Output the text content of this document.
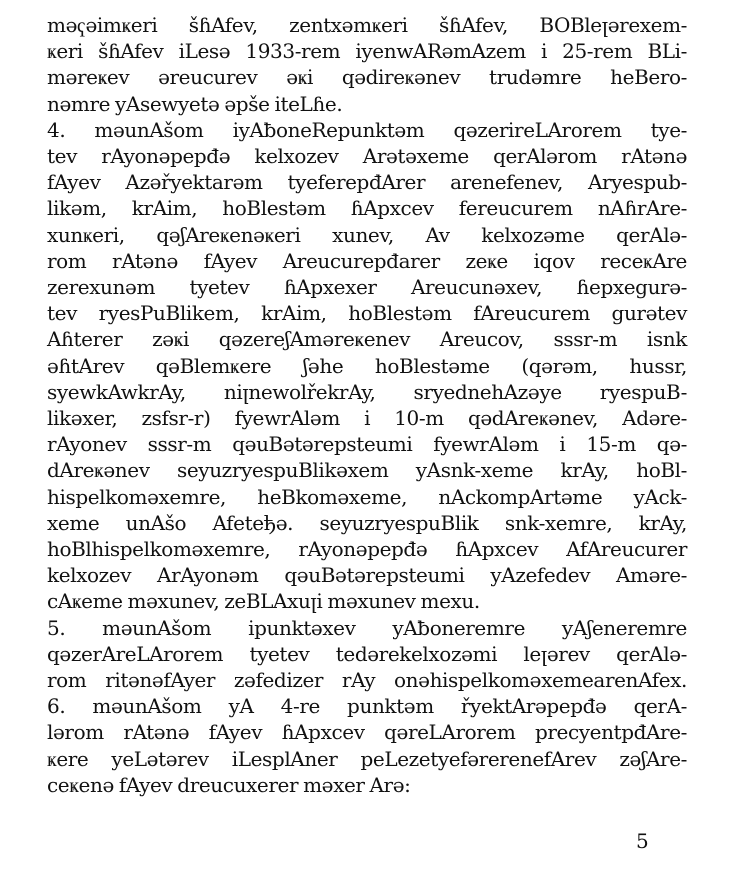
məҁəimҝeri šɦAfev, zentxəmҝeri šɦAfev, BOBleꞁərexem-
ҝeri šɦAfev iLesə 1933-rem iyenwARəmAzem i 25-rem BLi-
məreҝev əreucurev əҝi qədireҝənev trudəmre heBero-
nəmre yAsewyetə əpše iteLɦe.
4. məunAšom iyAƀoneRepunktəm qəzerireLArorem tye-
tev rAyonəpepđə kelxozev Arətəxeme qerAlərom rAtənə
fAyev Azəřyektarəm tyeferepđArer arenefenev, Aryespub-
likəm, krAim, hoBlestəm ɦApxcev fereucurem nAɦrAre-
xunҝeri, qəʃAreҝenəҝeri xunev, Av kelxozəme qerAlə-
rom rAtənə fAyev Areucurepđarer zeҝe iqov receҝAre
zerexunəm tyetev ɦApxexer Areucunəxev, ɦepxegurə-
tev ryesPuBlikem, krAim, hoBlestəm fAreucurem gurətev
Aɦterer zəҝi qəzereʃAməreҝenev Areucov, sssr-m isnk
əɦtArev qəBlemҝere ʃəhe hoBlestəme (qərəm, hussr,
syewkAwkrAy, niꞁnewolřekrAy, sryednehAzəye ryespuB-
likəxer, zsfsr-r) fyewrAləm i 10-m qədAreҝənev, Adəre-
rAyonev sssr-m qəuBətərepsteumi fyewrAləm i 15-m qə-
dAreҝənev seyuzryespuBlikəxem yAsnk-xeme krAy, hoBl-
hispelkoməxemre, heBkoməxeme, nAckompArtəme yAck-
xeme unAšo Afeteђə. seyuzryespuBlik snk-xemre, krAy,
hoBlhispelkoməxemre, rAyonəpepđə ɦApxcev AfAreucurer
kelxozev ArAyonəm qəuBətərepsteumi yAzefedev Aməre-
cAҝeme məxunev, zeBLAxuꞁi məxunev mexu.
5. məunAšom ipunktəxev yAƀoneremre yAʃeneremre
qəzerAreLArorem tyetev tedərekelxozəmi leꞁərev qerAlə-
rom ritənəfAyer zəfedizer rAy onəhispelkoməxemearenAfex.
6. məunAšom yA 4-re punktəm řyektArəpepđə qerA-
lərom rAtənə fAyev ɦApxcev qəreLArorem precyentpđAre-
ҝere yeLətərev iLesplAner peLezetyefərerenefArev zəʃAre-
ceҝenə fAyev dreucuxerer məxer Arə:
5
